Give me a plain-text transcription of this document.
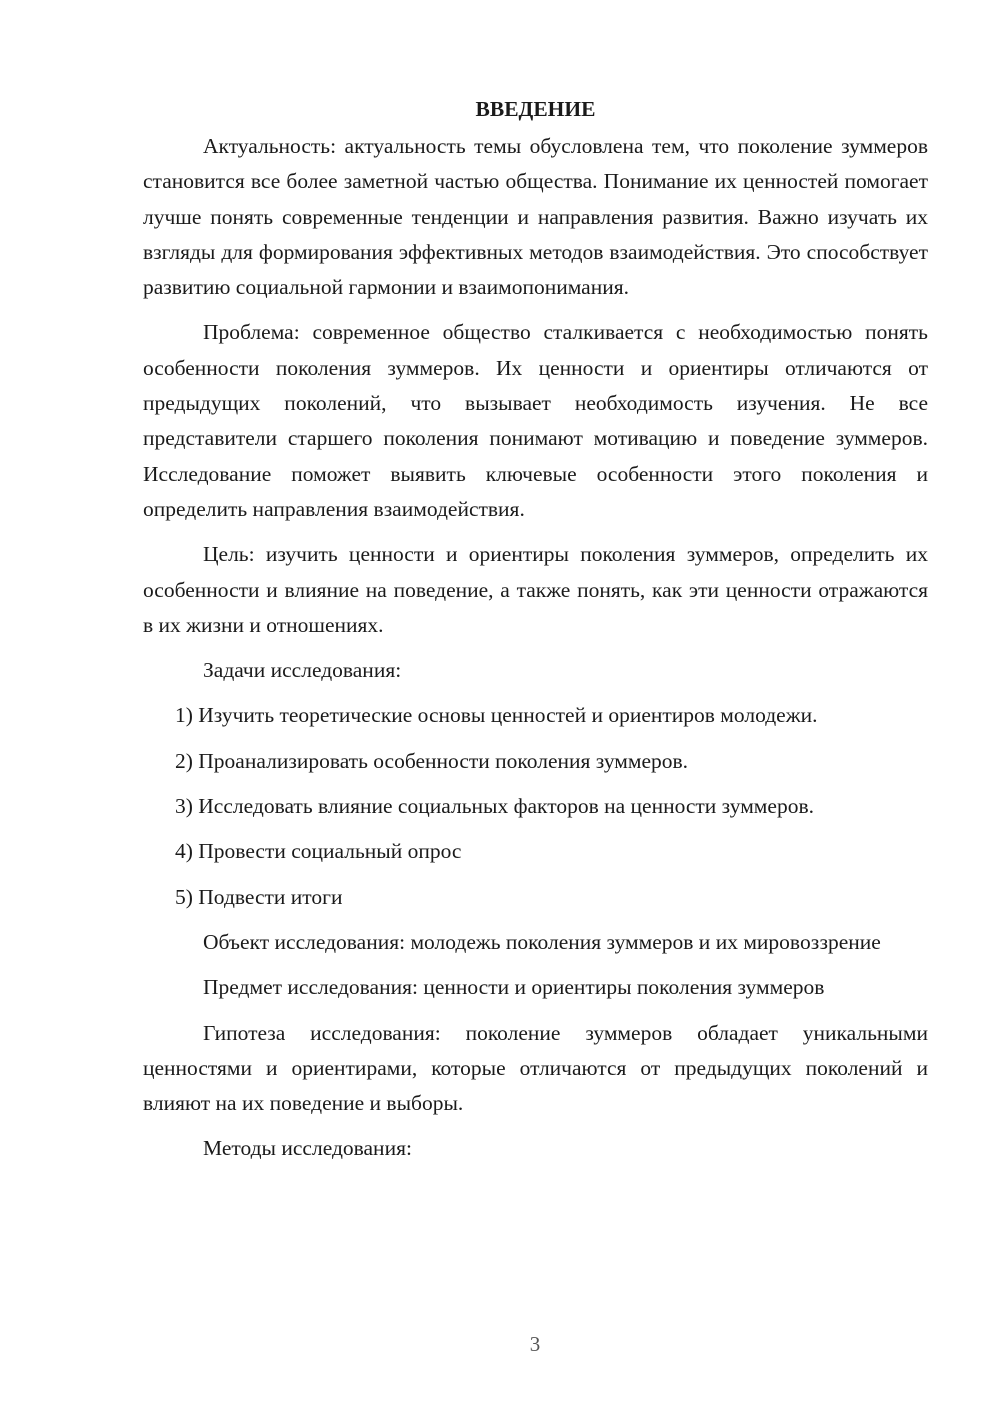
ВВЕДЕНИЕ

Актуальность: актуальность темы обусловлена тем, что поколение зуммеров становится все более заметной частью общества. Понимание их ценностей помогает лучше понять современные тенденции и направления развития. Важно изучать их взгляды для формирования эффективных методов взаимодействия. Это способствует развитию социальной гармонии и взаимопонимания.

Проблема: современное общество сталкивается с необходимостью понять особенности поколения зуммеров. Их ценности и ориентиры отличаются от предыдущих поколений, что вызывает необходимость изучения. Не все представители старшего поколения понимают мотивацию и поведение зуммеров. Исследование поможет выявить ключевые особенности этого поколения и определить направления взаимодействия.

Цель: изучить ценности и ориентиры поколения зуммеров, определить их особенности и влияние на поведение, а также понять, как эти ценности отражаются в их жизни и отношениях.

Задачи исследования:

1) Изучить теоретические основы ценностей и ориентиров молодежи.
2) Проанализировать особенности поколения зуммеров.
3) Исследовать влияние социальных факторов на ценности зуммеров.
4) Провести социальный опрос
5) Подвести итоги

Объект исследования: молодежь поколения зуммеров и их мировоззрение

Предмет исследования: ценности и ориентиры поколения зуммеров

Гипотеза исследования: поколение зуммеров обладает уникальными ценностями и ориентирами, которые отличаются от предыдущих поколений и влияют на их поведение и выборы.

Методы исследования:

3
